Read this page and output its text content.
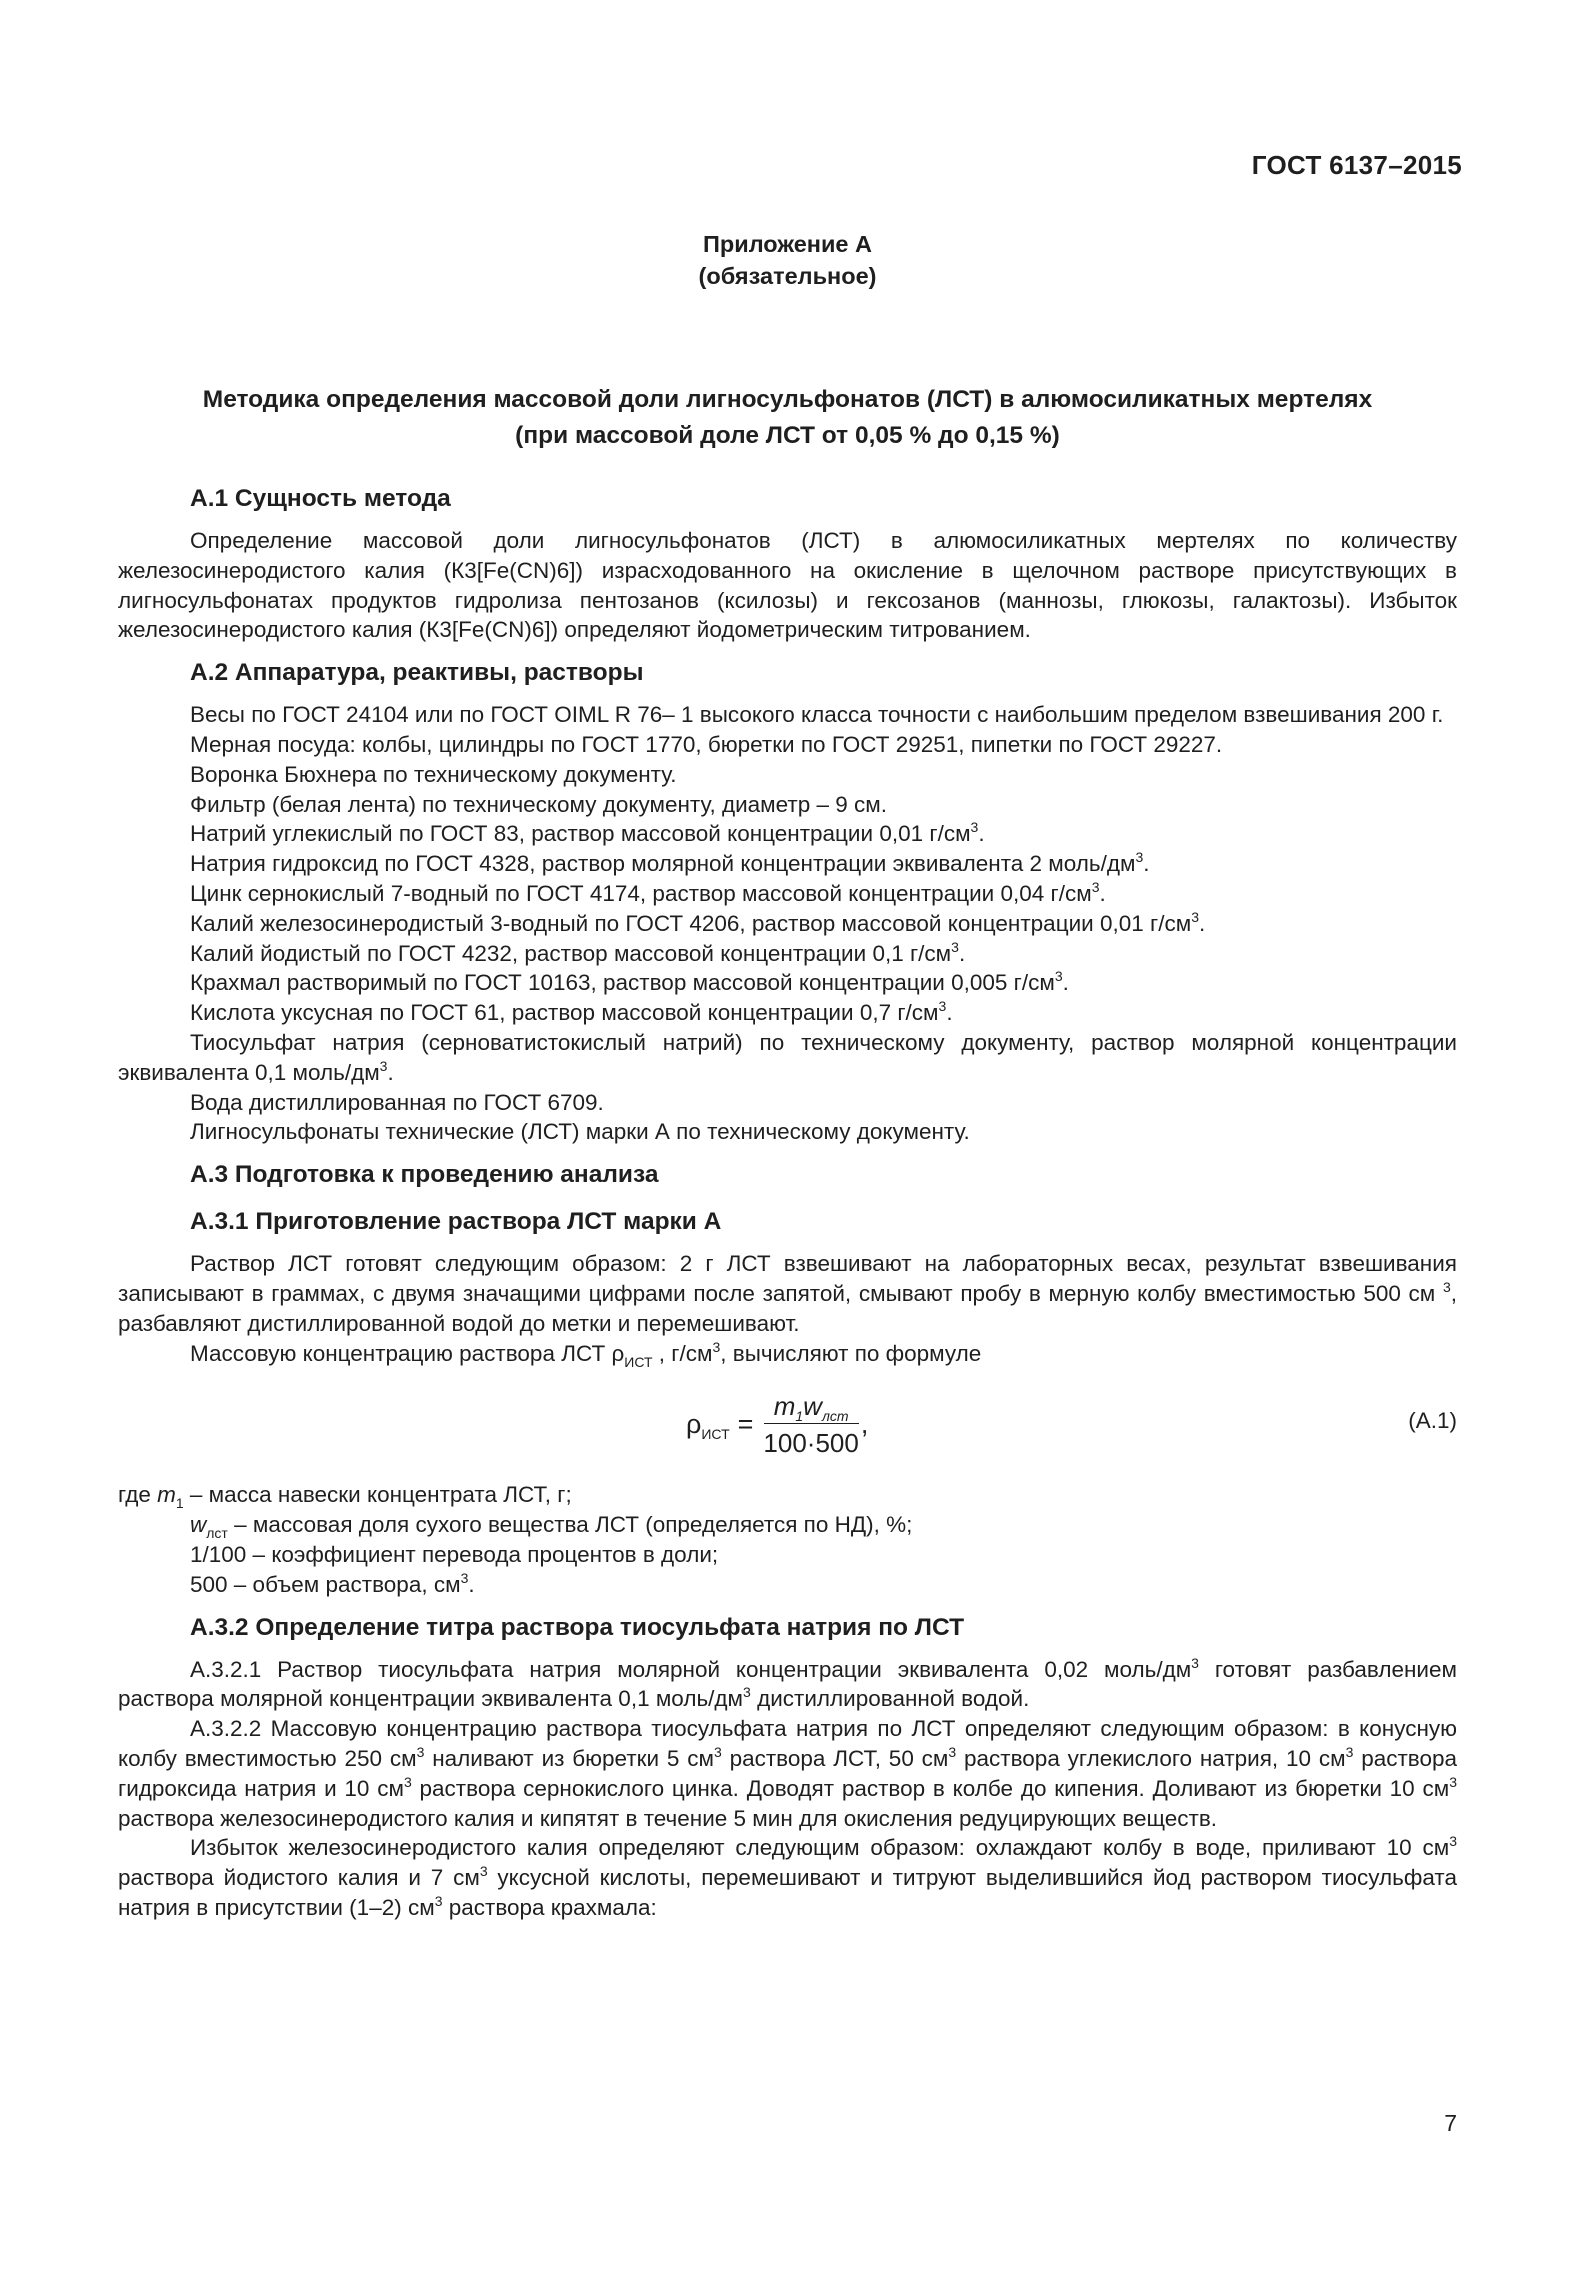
ГОСТ 6137–2015
Приложение А
(обязательное)
Методика определения массовой доли лигносульфонатов (ЛСТ) в алюмосиликатных мертелях
(при массовой доле ЛСТ от 0,05 % до 0,15 %)
А.1 Сущность метода

Определение массовой доли лигносульфонатов (ЛСТ) в алюмосиликатных мертелях по количеству железосинеродистого калия (К3[Fe(CN)6]) израсходованного на окисление в щелочном растворе присутствующих в лигносульфонатах продуктов гидролиза пентозанов (ксилозы) и гексозанов (маннозы, глюкозы, галактозы). Избыток железосинеродистого калия (К3[Fe(CN)6]) определяют йодометрическим титрованием.

А.2 Аппаратура, реактивы, растворы

Весы по ГОСТ 24104 или по ГОСТ OIML R 76– 1 высокого класса точности с наибольшим пределом взвешивания 200 г.

Мерная посуда: колбы, цилиндры по ГОСТ 1770, бюретки по ГОСТ 29251, пипетки по ГОСТ 29227.

Воронка Бюхнера по техническому документу.

Фильтр (белая лента) по техническому документу, диаметр – 9 см.

Натрий углекислый по ГОСТ 83, раствор массовой концентрации 0,01 $г/см^3$.

Натрия гидроксид по ГОСТ 4328, раствор молярной концентрации эквивалента 2 моль/$дм^3$.

Цинк сернокислый 7-водный по ГОСТ 4174, раствор массовой концентрации 0,04 $г/см^3$.

Калий железосинеродистый 3-водный по ГОСТ 4206, раствор массовой концентрации 0,01 $г/см^3$.

Калий йодистый по ГОСТ 4232, раствор массовой концентрации 0,1 $г/см^3$.

Крахмал растворимый по ГОСТ 10163, раствор массовой концентрации 0,005 $г/см^3$.

Кислота уксусная по ГОСТ 61, раствор массовой концентрации 0,7 $г/см^3$.

Тиосульфат натрия (серноватистокислый натрий) по техническому документу, раствор молярной концентрации эквивалента 0,1 моль/$дм^3$.

Вода дистиллированная по ГОСТ 6709.

Лигносульфонаты технические (ЛСТ) марки А по техническому документу.

А.3 Подготовка к проведению анализа
А.3.1 Приготовление раствора ЛСТ марки А

Раствор ЛСТ готовят следующим образом: 2 г ЛСТ взвешивают на лабораторных весах, результат взвешивания записывают в граммах, с двумя значащими цифрами после запятой, смывают пробу в мерную колбу вместимостью 500 см $^3$, разбавляют дистиллированной водой до метки и перемешивают.

Массовую концентрацию раствора ЛСТ $\rho_{ИСТ}$ , $г/см^3$, вычисляют по формуле

$\rho_{ИСТ} = \frac{m_1w_{лст}}{100\cdot 500}$ ,	(А.1)

где $m_1$ – масса навески концентрата ЛСТ, г;

$w_{лст}$ – массовая доля сухого вещества ЛСТ (определяется по НД), %;

1/100 – коэффициент перевода процентов в доли;

500 – объем раствора, $см^3$.

А.3.2 Определение титра раствора тиосульфата натрия по ЛСТ

А.3.2.1 Раствор тиосульфата натрия молярной концентрации эквивалента 0,02 моль/$дм^3$ готовят разбавлением раствора молярной концентрации эквивалента 0,1 моль/$дм^3$ дистиллированной водой.

А.3.2.2 Массовую концентрацию раствора тиосульфата натрия по ЛСТ определяют следующим образом: в конусную колбу вместимостью 250 $см^3$ наливают из бюретки 5 $см^3$ раствора ЛСТ, 50 $см^3$ раствора углекислого натрия, 10 $см^3$ раствора гидроксида натрия и 10 $см^3$ раствора сернокислого цинка. Доводят раствор в колбе до кипения. Доливают из бюретки 10 $см^3$ раствора железосинеродистого калия и кипятят в течение 5 мин для окисления редуцирующих веществ.

Избыток железосинеродистого калия определяют следующим образом: охлаждают колбу в воде, приливают 10 $см^3$ раствора йодистого калия и 7 $см^3$ уксусной кислоты, перемешивают и титруют выделившийся йод раствором тиосульфата натрия в присутствии (1–2) $см^3$ раствора крахмала:

7
